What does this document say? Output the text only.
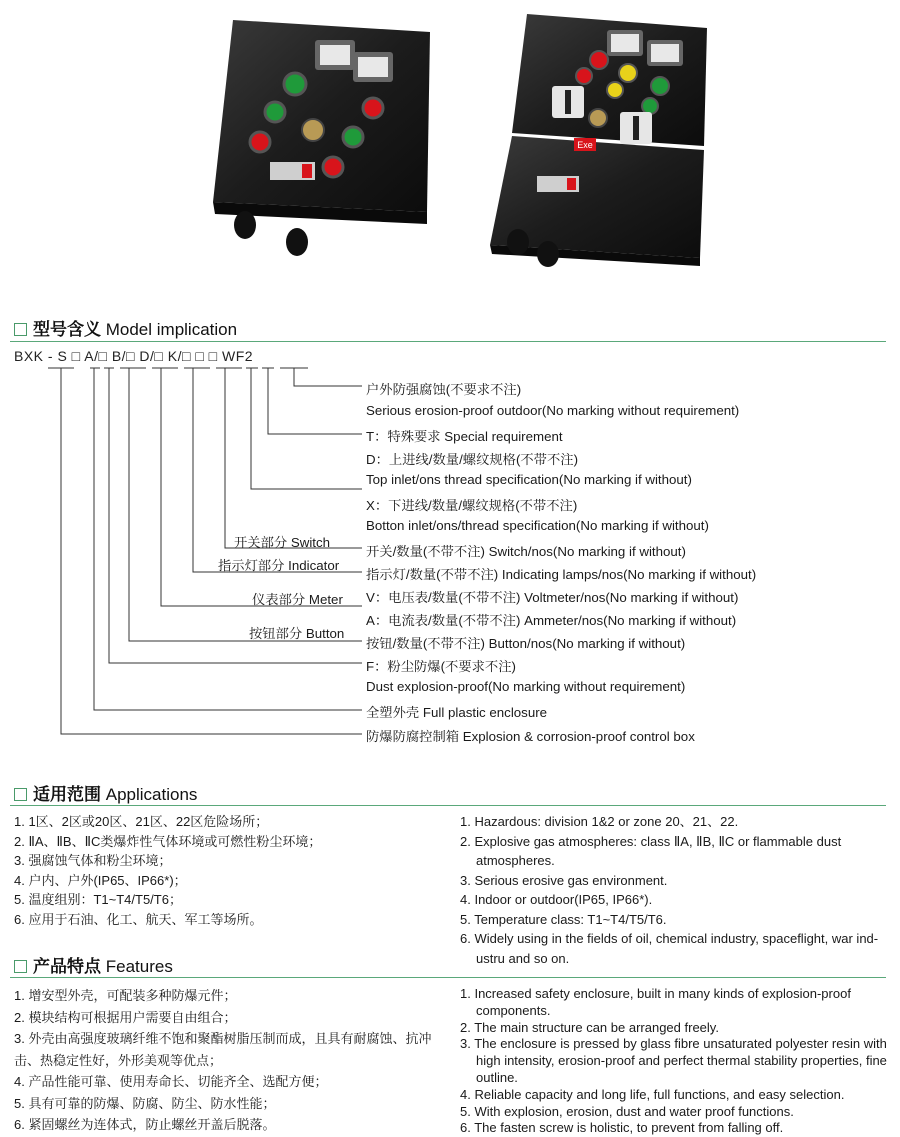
Exe
型号含义 Model implication
BXK - S □ A/□ B/□ D/□ K/□ □ □ WF2
开关部分 Switch
指示灯部分 Indicator
仪表部分 Meter
按钮部分 Button
户外防强腐蚀(不要求不注)
Serious erosion-proof outdoor(No marking without requirement)
T：特殊要求 Special requirement
D：上进线/数量/螺纹规格(不带不注)
Top inlet/ons thread specification(No marking if without)
X：下进线/数量/螺纹规格(不带不注)
Botton inlet/ons/thread specification(No marking if without)
开关/数量(不带不注) Switch/nos(No marking if without)
指示灯/数量(不带不注) Indicating lamps/nos(No marking if without)
V：电压表/数量(不带不注) Voltmeter/nos(No marking if without)
A：电流表/数量(不带不注) Ammeter/nos(No marking if without)
按钮/数量(不带不注) Button/nos(No marking if without)
F：粉尘防爆(不要求不注)
Dust explosion-proof(No marking without requirement)
全塑外壳 Full plastic enclosure
防爆防腐控制箱 Explosion & corrosion-proof control box
适用范围 Applications
1. 1区、2区或20区、21区、22区危险场所；
2. ⅡA、ⅡB、ⅡC类爆炸性气体环境或可燃性粉尘环境；
3. 强腐蚀气体和粉尘环境；
4. 户内、户外(IP65、IP66*)；
5. 温度组别：T1~T4/T5/T6；
6. 应用于石油、化工、航天、军工等场所。
1. Hazardous: division 1&2 or zone 20、21、22.
2. Explosive gas atmospheres: class ⅡA, ⅡB, ⅡC or flammable dust atmospheres.
3. Serious erosive gas environment.
4. Indoor or outdoor(IP65, IP66*).
5. Temperature class: T1~T4/T5/T6.
6. Widely using in the fields of oil, chemical industry, spaceflight, war ind-ustru and so on.
产品特点 Features
1. 增安型外壳，可配装多种防爆元件；
2. 模块结构可根据用户需要自由组合；
3. 外壳由高强度玻璃纤维不饱和聚酯树脂压制而成，且具有耐腐蚀、抗冲击、热稳定性好，外形美观等优点；
4. 产品性能可靠、使用寿命长、切能齐全、选配方便；
5. 具有可靠的防爆、防腐、防尘、防水性能；
6. 紧固螺丝为连体式，防止螺丝开盖后脱落。
1. Increased safety enclosure, built in many kinds of explosion-proof components.
2. The main structure can be arranged freely.
3. The enclosure is pressed by glass fibre unsaturated polyester resin with high intensity, erosion-proof and perfect thermal stability properties, fine outline.
4. Reliable capacity and long life, full functions, and easy selection.
5. With explosion, erosion, dust and water proof functions.
6. The fasten screw is holistic, to prevent from falling off.
